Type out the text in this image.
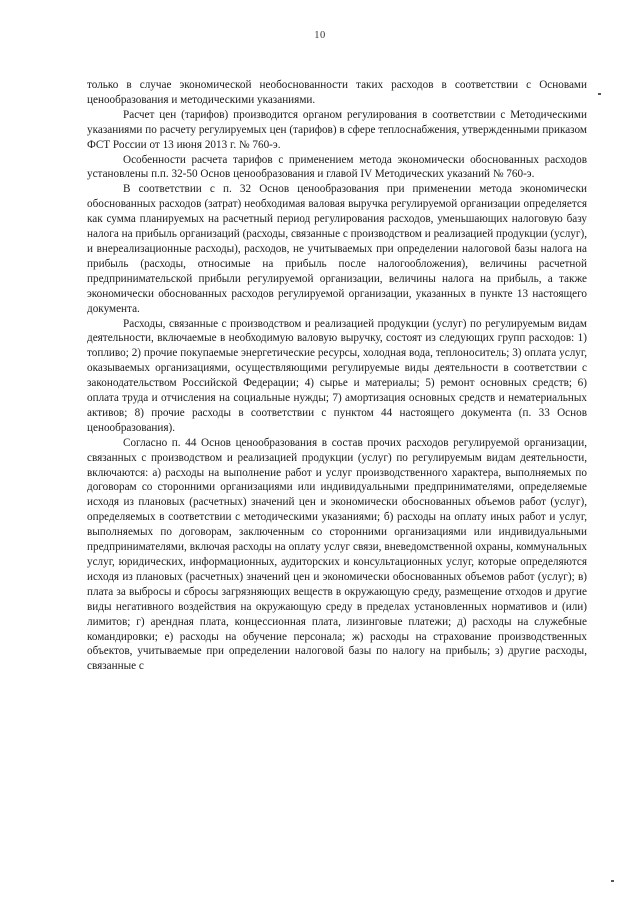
10

только в случае экономической необоснованности таких расходов в соответствии с Основами ценообразования и методическими указаниями.

Расчет цен (тарифов) производится органом регулирования в соответствии с Методическими указаниями по расчету регулируемых цен (тарифов) в сфере теплоснабжения, утвержденными приказом ФСТ России от 13 июня 2013 г. № 760-э.

Особенности расчета тарифов с применением метода экономически обоснованных расходов установлены п.п. 32-50 Основ ценообразования и главой IV Методических указаний № 760-э.

В соответствии с п. 32 Основ ценообразования при применении метода экономически обоснованных расходов (затрат) необходимая валовая выручка регулируемой организации определяется как сумма планируемых на расчетный период регулирования расходов, уменьшающих налоговую базу налога на прибыль организаций (расходы, связанные с производством и реализацией продукции (услуг), и внереализационные расходы), расходов, не учитываемых при определении налоговой базы налога на прибыль (расходы, относимые на прибыль после налогообложения), величины расчетной предпринимательской прибыли регулируемой организации, величины налога на прибыль, а также экономически обоснованных расходов регулируемой организации, указанных в пункте 13 настоящего документа.

Расходы, связанные с производством и реализацией продукции (услуг) по регулируемым видам деятельности, включаемые в необходимую валовую выручку, состоят из следующих групп расходов: 1) топливо; 2) прочие покупаемые энергетические ресурсы, холодная вода, теплоноситель; 3) оплата услуг, оказываемых организациями, осуществляющими регулируемые виды деятельности в соответствии с законодательством Российской Федерации; 4) сырье и материалы; 5) ремонт основных средств; 6) оплата труда и отчисления на социальные нужды; 7) амортизация основных средств и нематериальных активов; 8) прочие расходы в соответствии с пунктом 44 настоящего документа (п. 33 Основ ценообразования).

Согласно п. 44 Основ ценообразования в состав прочих расходов регулируемой организации, связанных с производством и реализацией продукции (услуг) по регулируемым видам деятельности, включаются: а) расходы на выполнение работ и услуг производственного характера, выполняемых по договорам со сторонними организациями или индивидуальными предпринимателями, определяемые исходя из плановых (расчетных) значений цен и экономически обоснованных объемов работ (услуг), определяемых в соответствии с методическими указаниями; б) расходы на оплату иных работ и услуг, выполняемых по договорам, заключенным со сторонними организациями или индивидуальными предпринимателями, включая расходы на оплату услуг связи, вневедомственной охраны, коммунальных услуг, юридических, информационных, аудиторских и консультационных услуг, которые определяются исходя из плановых (расчетных) значений цен и экономически обоснованных объемов работ (услуг); в) плата за выбросы и сбросы загрязняющих веществ в окружающую среду, размещение отходов и другие виды негативного воздействия на окружающую среду в пределах установленных нормативов и (или) лимитов; г) арендная плата, концессионная плата, лизинговые платежи; д) расходы на служебные командировки; е) расходы на обучение персонала; ж) расходы на страхование производственных объектов, учитываемые при определении налоговой базы по налогу на прибыль; з) другие расходы, связанные с
